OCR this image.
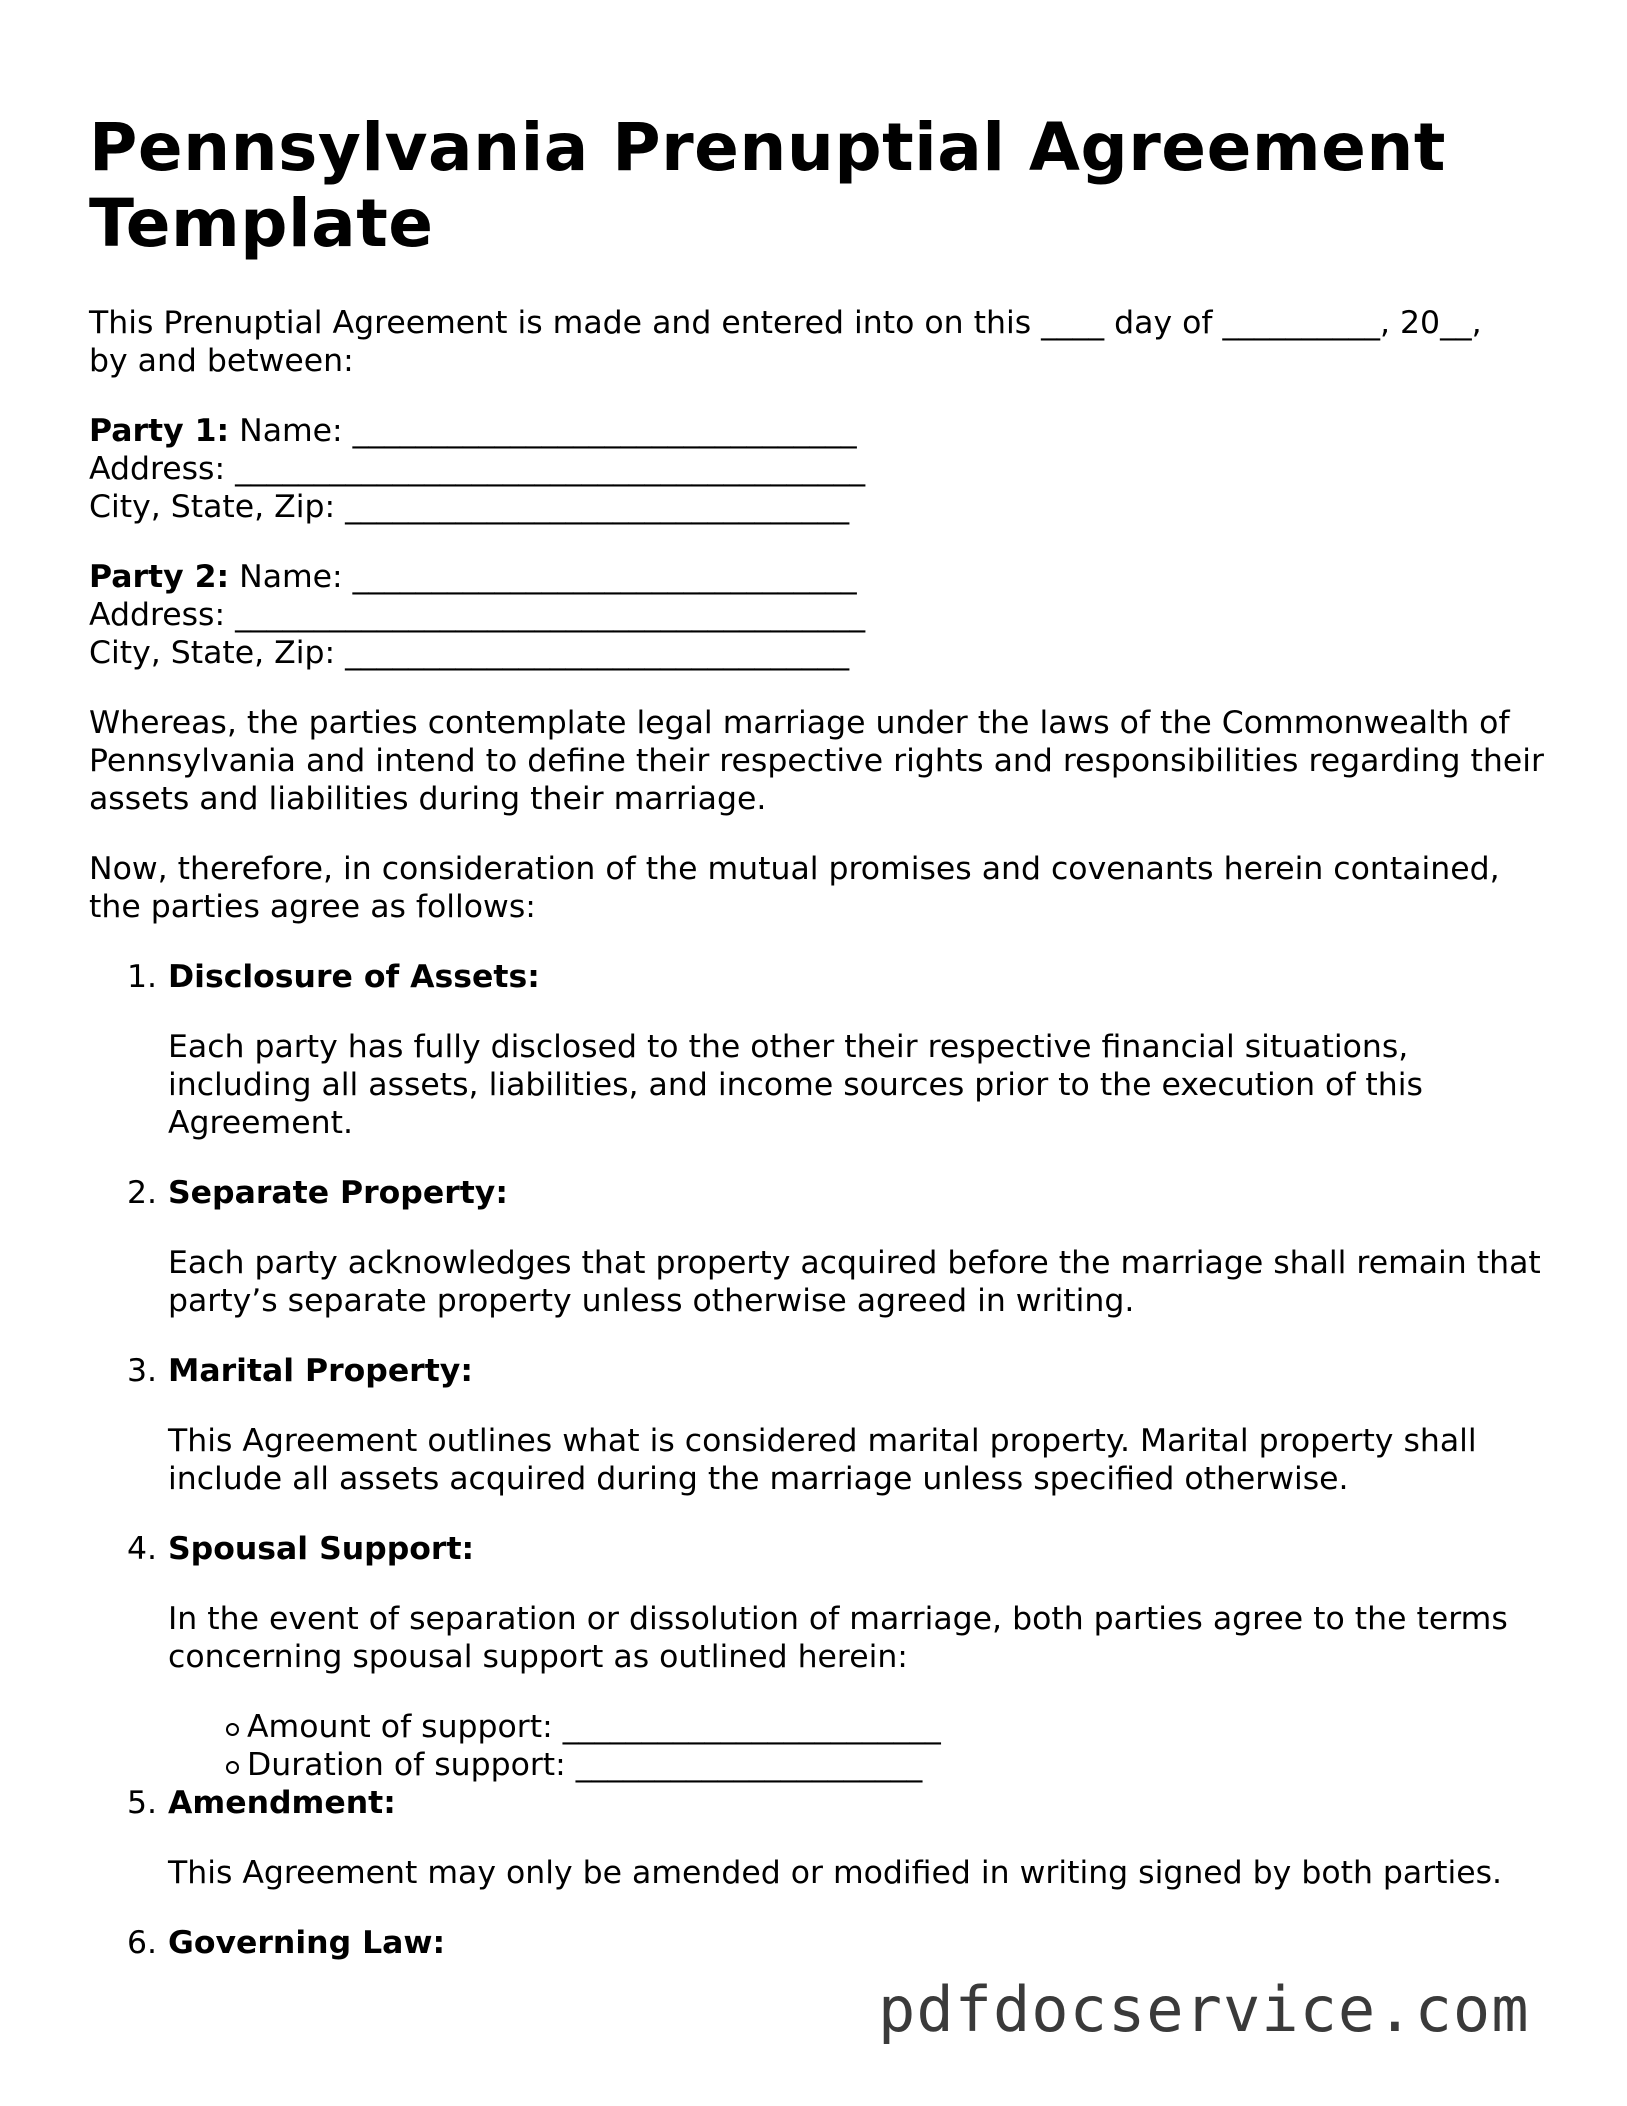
Pennsylvania Prenuptial Agreement
Template

This Prenuptial Agreement is made and entered into on this ____ day of __________, 20__,
by and between:

Party 1: Name: ________________________________
Address: ________________________________________
City, State, Zip: ________________________________
Party 2: Name: ________________________________
Address: ________________________________________
City, State, Zip: ________________________________

Whereas, the parties contemplate legal marriage under the laws of the Commonwealth of Pennsylvania and intend to define their respective rights and responsibilities regarding their assets and liabilities during their marriage.

Now, therefore, in consideration of the mutual promises and covenants herein contained, the parties agree as follows:

1. Disclosure of Assets:

Each party has fully disclosed to the other their respective financial situations, including all assets, liabilities, and income sources prior to the execution of this Agreement.

2. Separate Property:

Each party acknowledges that property acquired before the marriage shall remain that party’s separate property unless otherwise agreed in writing.

3. Marital Property:

This Agreement outlines what is considered marital property. Marital property shall include all assets acquired during the marriage unless specified otherwise.

4. Spousal Support:

In the event of separation or dissolution of marriage, both parties agree to the terms concerning spousal support as outlined herein:

Amount of support: ________________________
Duration of support: ______________________
5. Amendment:

This Agreement may only be amended or modified in writing signed by both parties.

6. Governing Law:
pdfdocservice.com
